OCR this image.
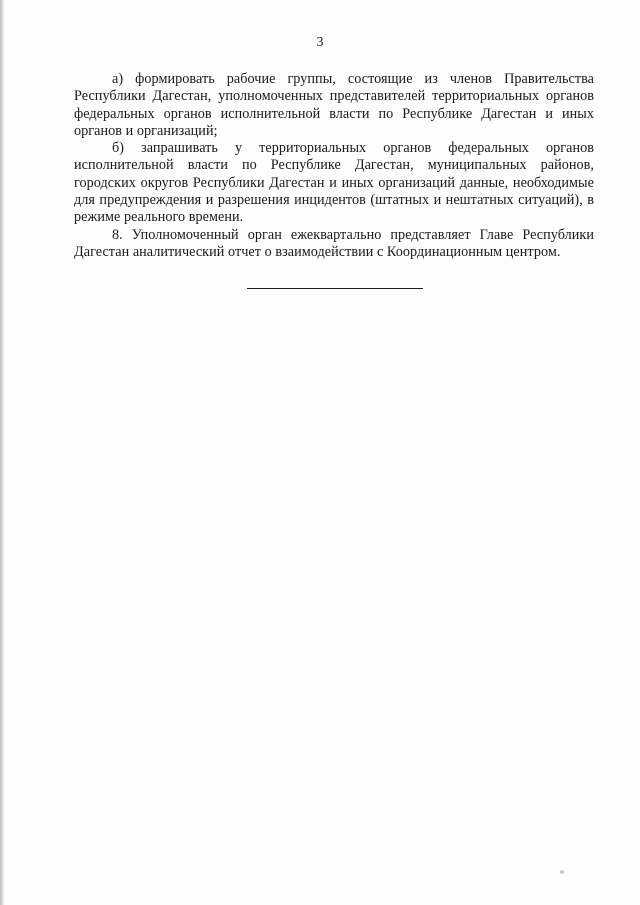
3

а) формировать рабочие группы, состоящие из членов Правительства Республики Дагестан, уполномоченных представителей территориальных органов федеральных органов исполнительной власти по Республике Дагестан и иных органов и организаций;

б) запрашивать у территориальных органов федеральных органов исполнительной власти по Республике Дагестан, муниципальных районов, городских округов Республики Дагестан и иных организаций данные, необходимые для предупреждения и разрешения инцидентов (штатных и нештатных ситуаций), в режиме реального времени.

8. Уполномоченный орган ежеквартально представляет Главе Республики Дагестан аналитический отчет о взаимодействии с Координационным центром.
